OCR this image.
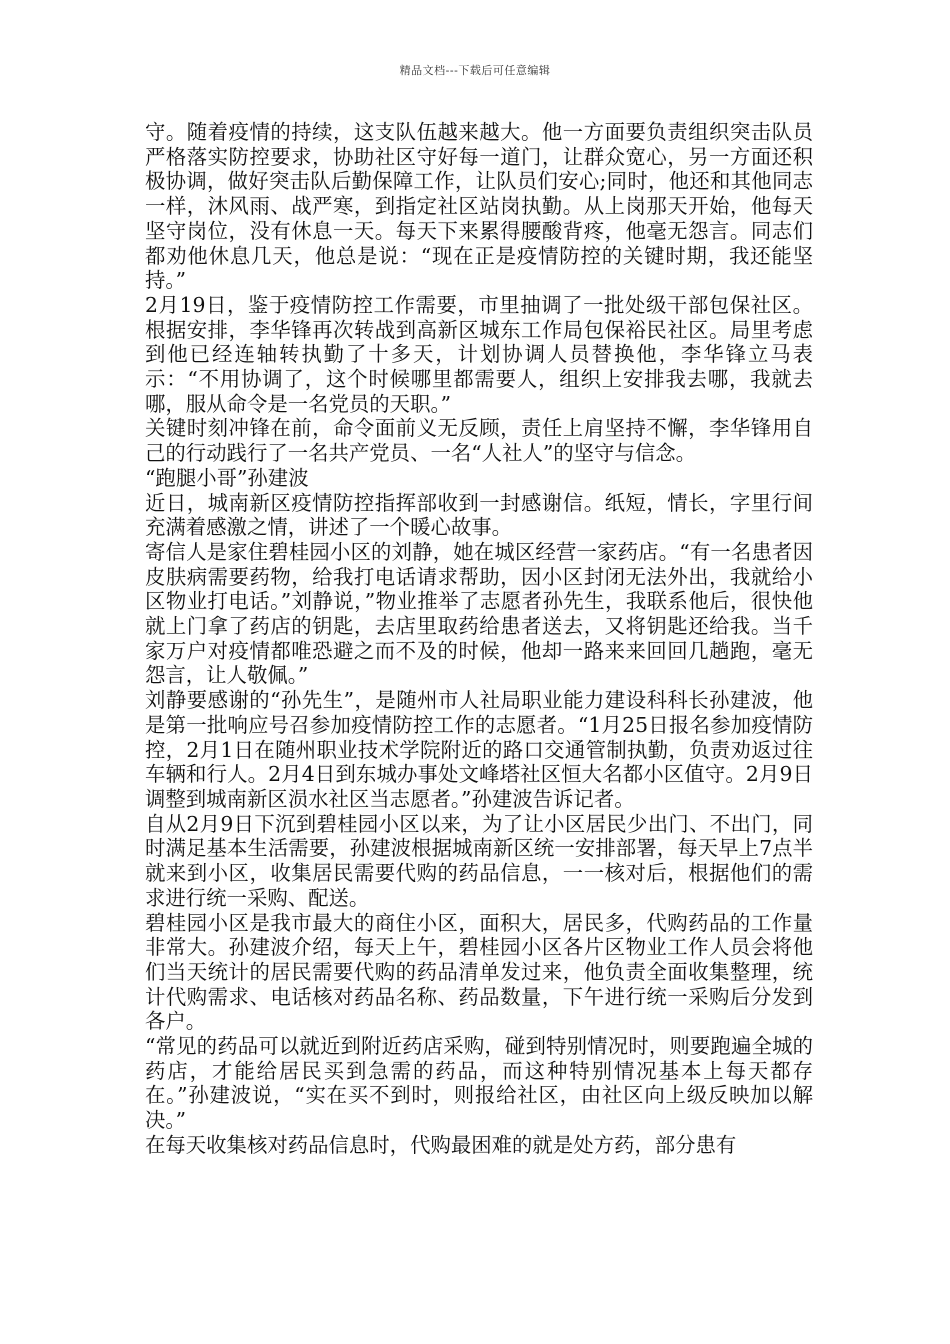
精品文档---下载后可任意编辑

守。随着疫情的持续，这支队伍越来越大。他一方面要负责组织突击队员严格落实防控要求，协助社区守好每一道门，让群众宽心，另一方面还积极协调，做好突击队后勤保障工作，让队员们安心;同时，他还和其他同志一样，沐风雨、战严寒，到指定社区站岗执勤。从上岗那天开始，他每天坚守岗位，没有休息一天。每天下来累得腰酸背疼，他毫无怨言。同志们都劝他休息几天，他总是说：“现在正是疫情防控的关键时期，我还能坚持。”

2月19日，鉴于疫情防控工作需要，市里抽调了一批处级干部包保社区。根据安排，李华锋再次转战到高新区城东工作局包保裕民社区。局里考虑到他已经连轴转执勤了十多天，计划协调人员替换他，李华锋立马表示：“不用协调了，这个时候哪里都需要人，组织上安排我去哪，我就去哪，服从命令是一名党员的天职。”

关键时刻冲锋在前，命令面前义无反顾，责任上肩坚持不懈，李华锋用自己的行动践行了一名共产党员、一名“人社人”的坚守与信念。

“跑腿小哥”孙建波

近日，城南新区疫情防控指挥部收到一封感谢信。纸短，情长，字里行间充满着感激之情，讲述了一个暖心故事。

寄信人是家住碧桂园小区的刘静，她在城区经营一家药店。“有一名患者因皮肤病需要药物，给我打电话请求帮助，因小区封闭无法外出，我就给小区物业打电话。”刘静说，”物业推举了志愿者孙先生，我联系他后，很快他就上门拿了药店的钥匙，去店里取药给患者送去，又将钥匙还给我。当千家万户对疫情都唯恐避之而不及的时候，他却一路来来回回几趟跑，毫无怨言，让人敬佩。”

刘静要感谢的“孙先生”，是随州市人社局职业能力建设科科长孙建波，他是第一批响应号召参加疫情防控工作的志愿者。“1月25日报名参加疫情防控，2月1日在随州职业技术学院附近的路口交通管制执勤，负责劝返过往车辆和行人。2月4日到东城办事处文峰塔社区恒大名都小区值守。2月9日调整到城南新区涢水社区当志愿者。”孙建波告诉记者。

自从2月9日下沉到碧桂园小区以来，为了让小区居民少出门、不出门，同时满足基本生活需要，孙建波根据城南新区统一安排部署，每天早上7点半就来到小区，收集居民需要代购的药品信息，一一核对后，根据他们的需求进行统一采购、配送。

碧桂园小区是我市最大的商住小区，面积大，居民多，代购药品的工作量非常大。孙建波介绍，每天上午，碧桂园小区各片区物业工作人员会将他们当天统计的居民需要代购的药品清单发过来，他负责全面收集整理，统计代购需求、电话核对药品名称、药品数量，下午进行统一采购后分发到各户。

“常见的药品可以就近到附近药店采购，碰到特别情况时，则要跑遍全城的药店，才能给居民买到急需的药品，而这种特别情况基本上每天都存在。”孙建波说，“实在买不到时，则报给社区，由社区向上级反映加以解决。”

在每天收集核对药品信息时，代购最困难的就是处方药，部分患有
